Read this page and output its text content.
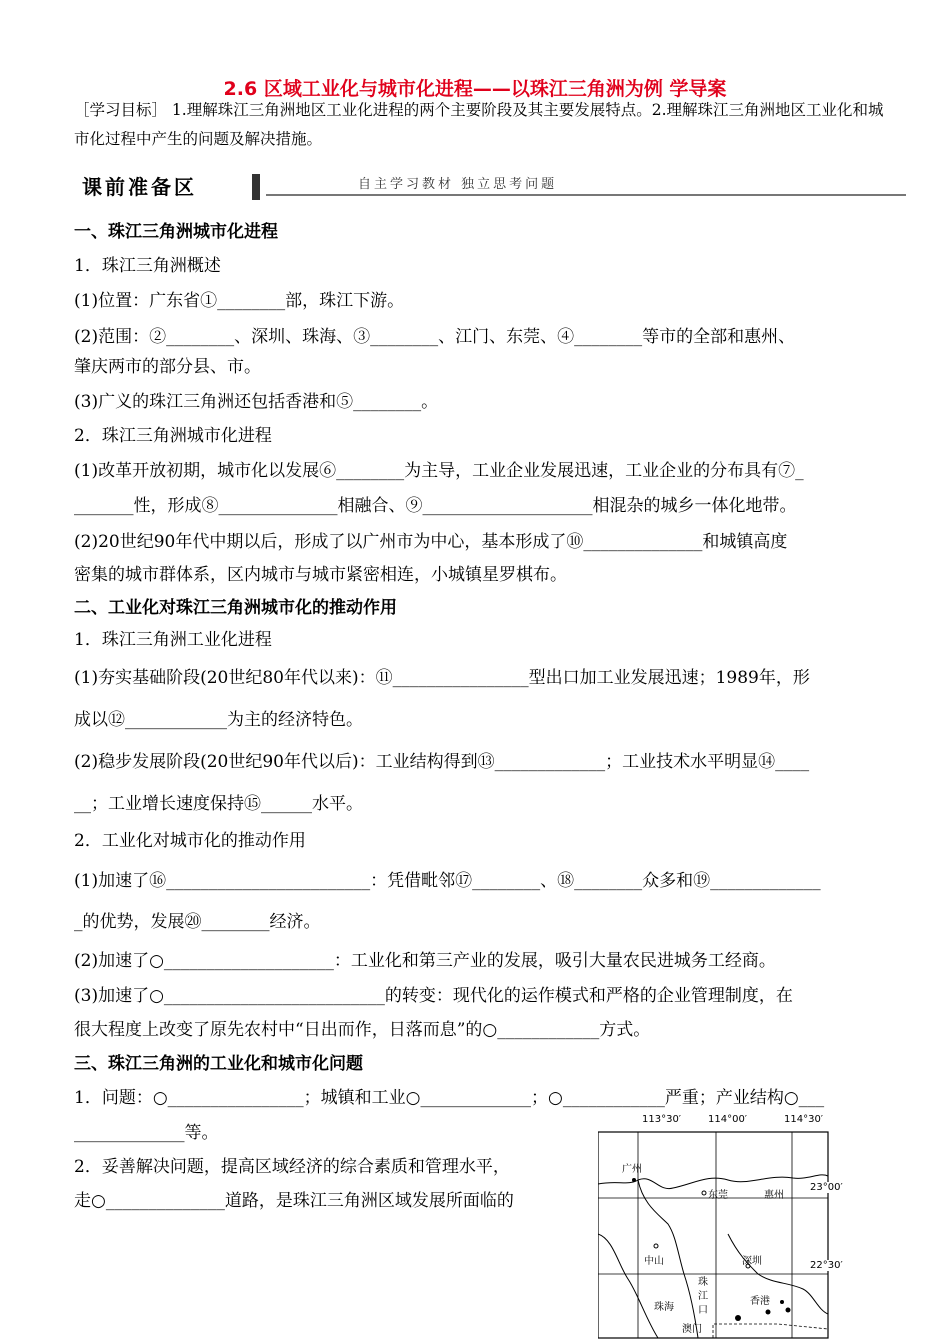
2.6 区域工业化与城市化进程——以珠江三角洲为例 学导案
［学习目标］ 1.理解珠江三角洲地区工业化进程的两个主要阶段及其主要发展特点。2.理解珠江三角洲地区工业化和城市化过程中产生的问题及解决措施。
课前准备区	自主学习教材 独立思考问题
一、珠江三角洲城市化进程
1．珠江三角洲概述
(1)位置：广东省①________部，珠江下游。
(2)范围：②________、深圳、珠海、③________、江门、东莞、④________等市的全部和惠州、
肇庆两市的部分县、市。
(3)广义的珠江三角洲还包括香港和⑤________。
2．珠江三角洲城市化进程
(1)改革开放初期，城市化以发展⑥________为主导，工业企业发展迅速，工业企业的分布具有⑦_
_______性，形成⑧______________相融合、⑨____________________相混杂的城乡一体化地带。
(2)20世纪90年代中期以后，形成了以广州市为中心，基本形成了⑩______________和城镇高度
密集的城市群体系，区内城市与城市紧密相连，小城镇星罗棋布。
二、工业化对珠江三角洲城市化的推动作用
1．珠江三角洲工业化进程
(1)夯实基础阶段(20世纪80年代以来)：⑪________________型出口加工业发展迅速；1989年，形
成以⑫____________为主的经济特色。
(2)稳步发展阶段(20世纪90年代以后)：工业结构得到⑬_____________；工业技术水平明显⑭____
__；工业增长速度保持⑮______水平。
2．工业化对城市化的推动作用
(1)加速了⑯________________________：凭借毗邻⑰________、⑱________众多和⑲_____________
_的优势，发展⑳________经济。
(2)加速了○____________________：工业化和第三产业的发展，吸引大量农民进城务工经商。
(3)加速了○__________________________的转变：现代化的运作模式和严格的企业管理制度，在
很大程度上改变了原先农村中“日出而作，日落而息”的○____________方式。
三、珠江三角洲的工业化和城市化问题
1．问题：○________________；城镇和工业○_____________；○____________严重；产业结构○___
_____________等。
2．妥善解决问题，提高区域经济的综合素质和管理水平，
走○______________道路，是珠江三角洲区域发展所面临的
113°30′	114°00′	114°30′
23°00′
22°30′
广州
东莞	惠州
中山	深圳
珠江口
珠海
香港
澳门
